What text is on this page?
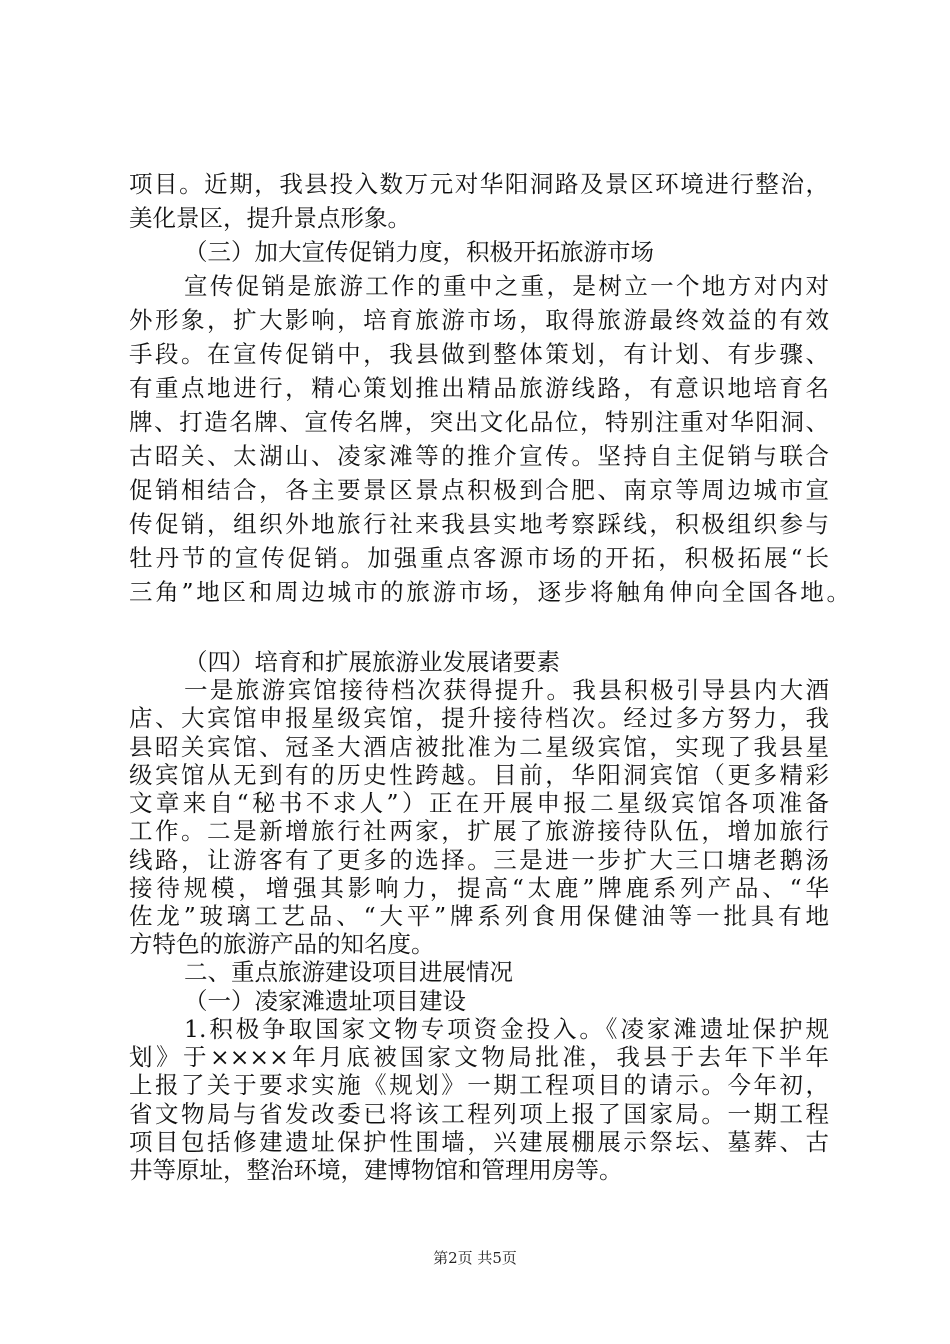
项目。近期，我县投入数万元对华阳洞路及景区环境进行整治，

美化景区，提升景点形象。

（三）加大宣传促销力度，积极开拓旅游市场

宣传促销是旅游工作的重中之重，是树立一个地方对内对

外形象，扩大影响，培育旅游市场，取得旅游最终效益的有效

手段。在宣传促销中，我县做到整体策划，有计划、有步骤、

有重点地进行，精心策划推出精品旅游线路，有意识地培育名

牌、打造名牌、宣传名牌，突出文化品位，特别注重对华阳洞、

古昭关、太湖山、凌家滩等的推介宣传。坚持自主促销与联合

促销相结合，各主要景区景点积极到合肥、南京等周边城市宣

传促销，组织外地旅行社来我县实地考察踩线，积极组织参与

牡丹节的宣传促销。加强重点客源市场的开拓，积极拓展“长

三角”地区和周边城市的旅游市场，逐步将触角伸向全国各地。

（四）培育和扩展旅游业发展诸要素

一是旅游宾馆接待档次获得提升。我县积极引导县内大酒

店、大宾馆申报星级宾馆，提升接待档次。经过多方努力，我

县昭关宾馆、冠圣大酒店被批准为二星级宾馆，实现了我县星

级宾馆从无到有的历史性跨越。目前，华阳洞宾馆（更多精彩

文章来自“秘书不求人”）正在开展申报二星级宾馆各项准备

工作。二是新增旅行社两家，扩展了旅游接待队伍，增加旅行

线路，让游客有了更多的选择。三是进一步扩大三口塘老鹅汤

接待规模，增强其影响力，提高“太鹿”牌鹿系列产品、“华

佐龙”玻璃工艺品、“大平”牌系列食用保健油等一批具有地

方特色的旅游产品的知名度。

二、重点旅游建设项目进展情况

（一）凌家滩遗址项目建设

1.积极争取国家文物专项资金投入。《凌家滩遗址保护规

划》于××××年月底被国家文物局批准，我县于去年下半年

上报了关于要求实施《规划》一期工程项目的请示。今年初，

省文物局与省发改委已将该工程列项上报了国家局。一期工程

项目包括修建遗址保护性围墙，兴建展棚展示祭坛、墓葬、古

井等原址，整治环境，建博物馆和管理用房等。

第2页 共5页
